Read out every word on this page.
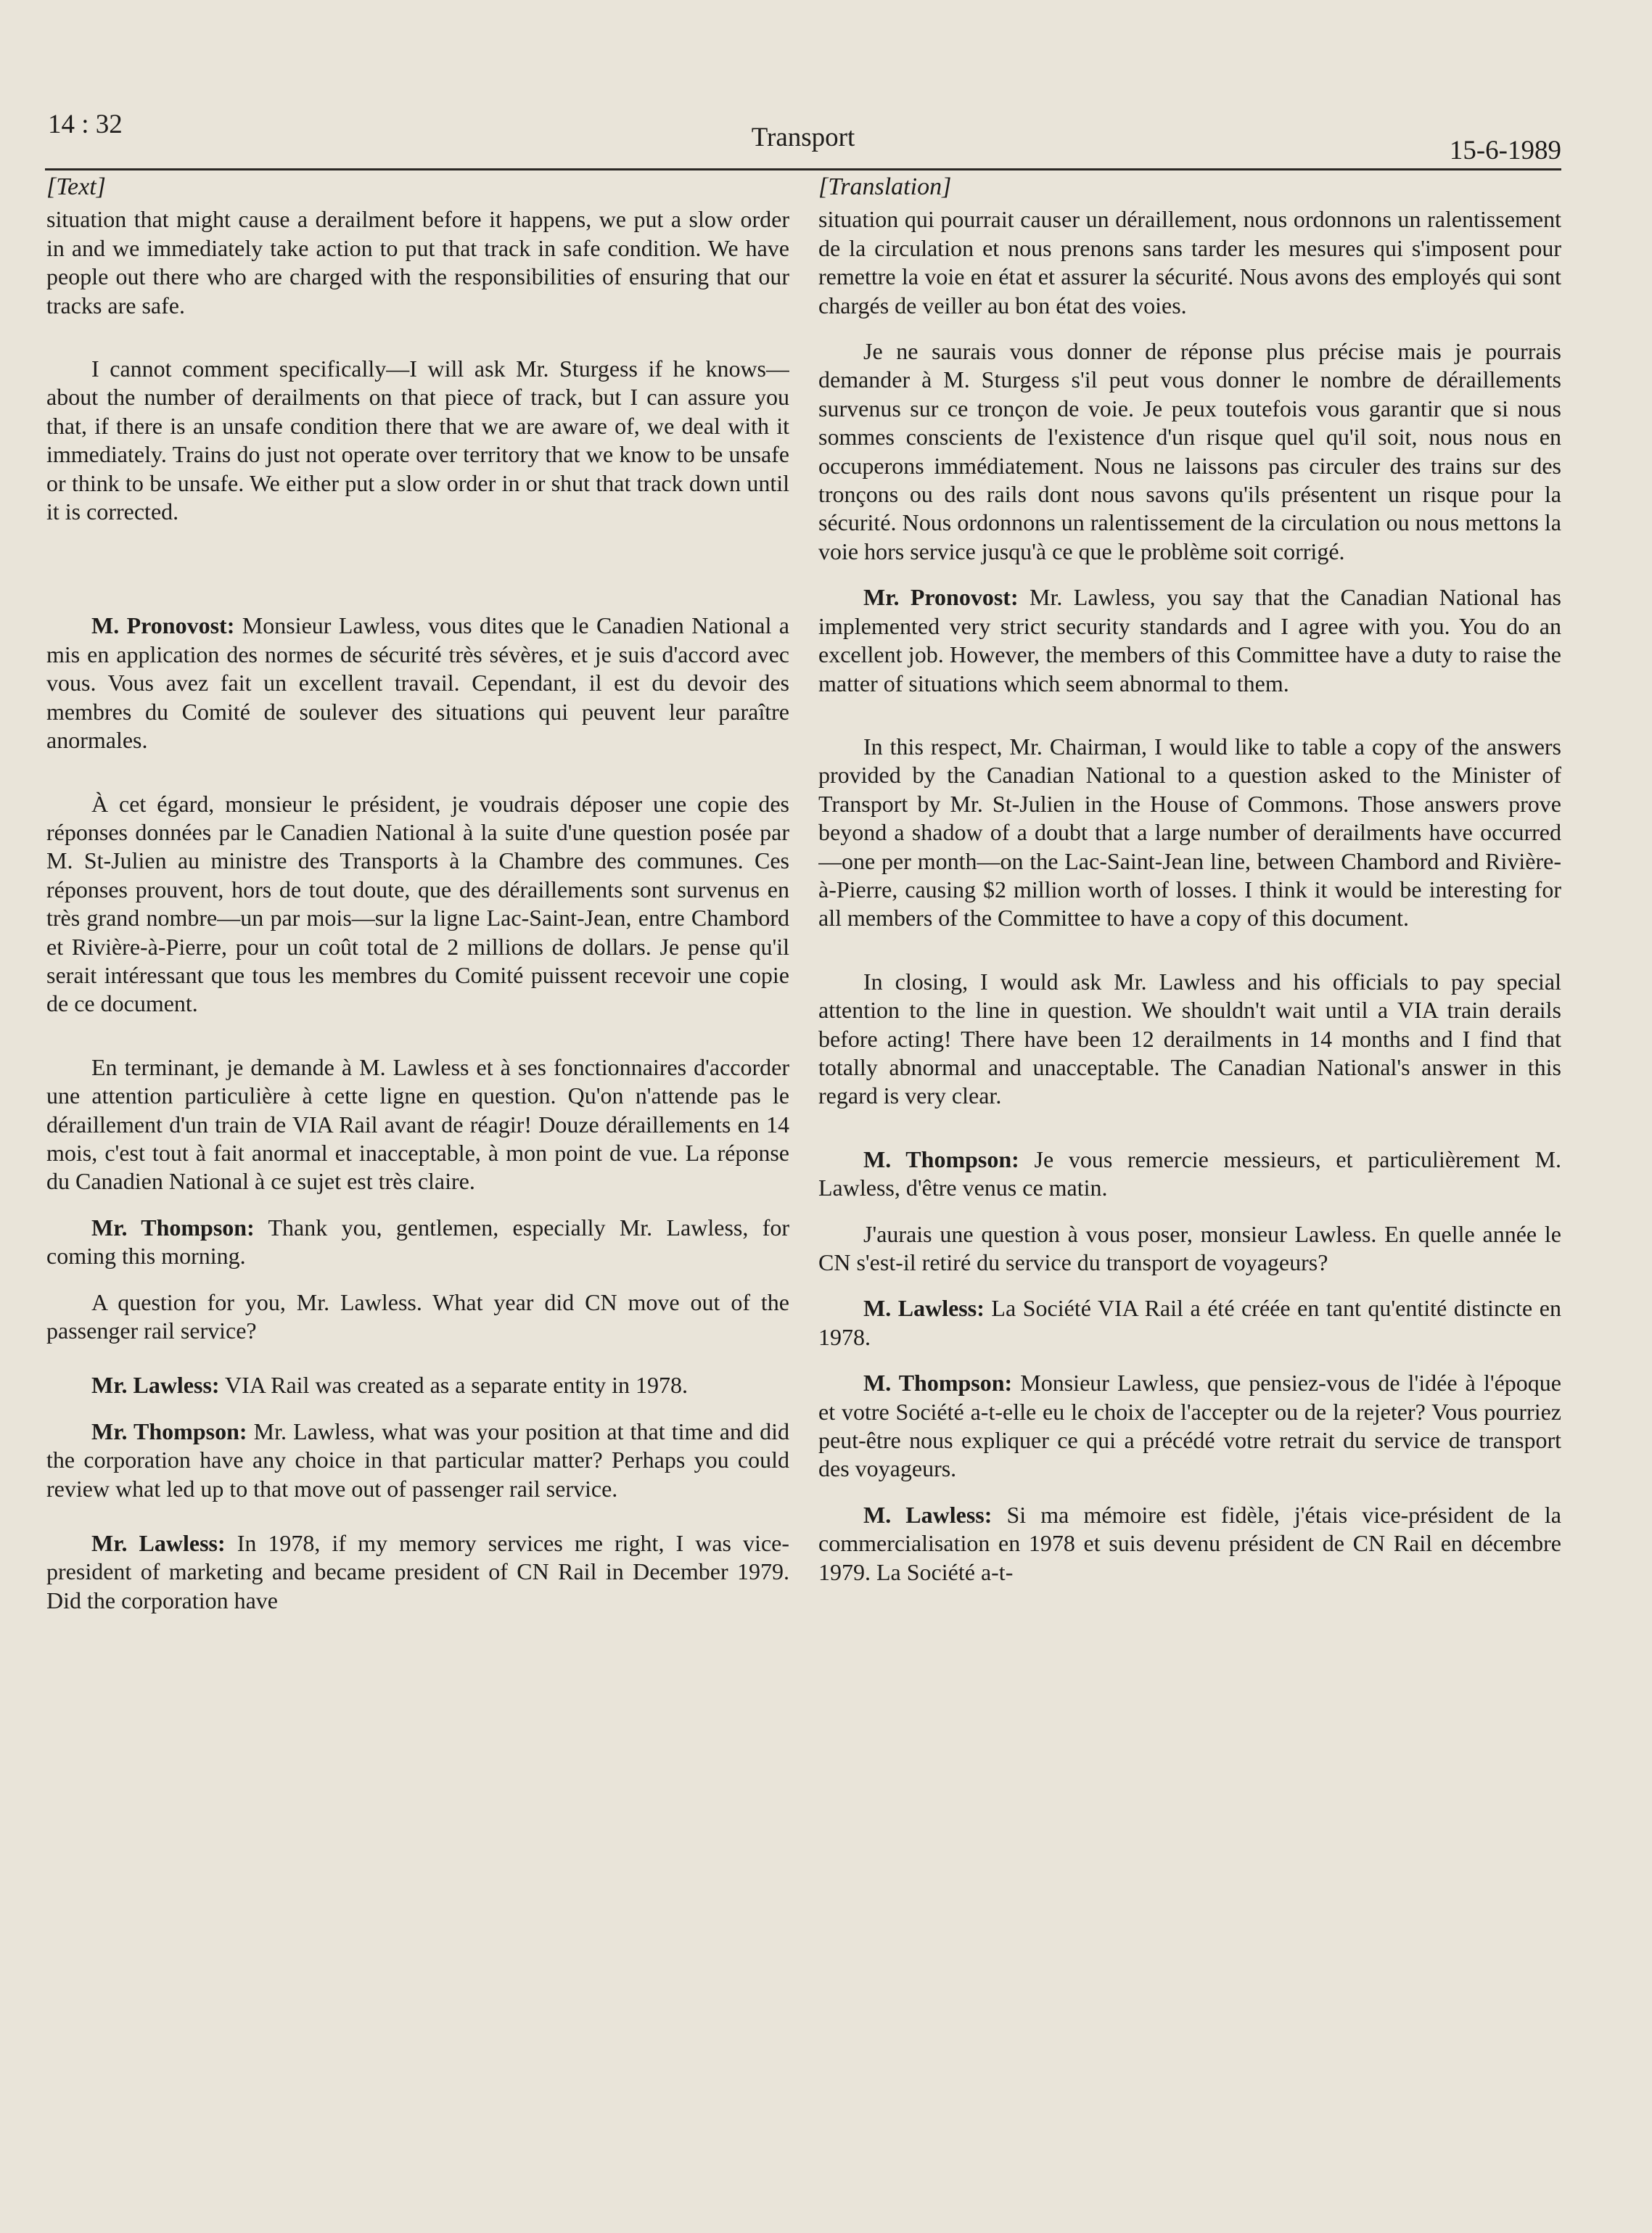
14 : 32	Transport	15-6-1989
[Text]

situation that might cause a derailment before it happens, we put a slow order in and we immediately take action to put that track in safe condition. We have people out there who are charged with the responsibilities of ensuring that our tracks are safe.

I cannot comment specifically—I will ask Mr. Sturgess if he knows—about the number of derailments on that piece of track, but I can assure you that, if there is an unsafe condition there that we are aware of, we deal with it immediately. Trains do just not operate over territory that we know to be unsafe or think to be unsafe. We either put a slow order in or shut that track down until it is corrected.

M. Pronovost: Monsieur Lawless, vous dites que le Canadien National a mis en application des normes de sécurité très sévères, et je suis d'accord avec vous. Vous avez fait un excellent travail. Cependant, il est du devoir des membres du Comité de soulever des situations qui peuvent leur paraître anormales.

À cet égard, monsieur le président, je voudrais déposer une copie des réponses données par le Canadien National à la suite d'une question posée par M. St-Julien au ministre des Transports à la Chambre des communes. Ces réponses prouvent, hors de tout doute, que des déraillements sont survenus en très grand nombre—un par mois—sur la ligne Lac-Saint-Jean, entre Chambord et Rivière-à-Pierre, pour un coût total de 2 millions de dollars. Je pense qu'il serait intéressant que tous les membres du Comité puissent recevoir une copie de ce document.

En terminant, je demande à M. Lawless et à ses fonctionnaires d'accorder une attention particulière à cette ligne en question. Qu'on n'attende pas le déraillement d'un train de VIA Rail avant de réagir! Douze déraillements en 14 mois, c'est tout à fait anormal et inacceptable, à mon point de vue. La réponse du Canadien National à ce sujet est très claire.

Mr. Thompson: Thank you, gentlemen, especially Mr. Lawless, for coming this morning.

A question for you, Mr. Lawless. What year did CN move out of the passenger rail service?

Mr. Lawless: VIA Rail was created as a separate entity in 1978.

Mr. Thompson: Mr. Lawless, what was your position at that time and did the corporation have any choice in that particular matter? Perhaps you could review what led up to that move out of passenger rail service.

Mr. Lawless: In 1978, if my memory services me right, I was vice-president of marketing and became president of CN Rail in December 1979. Did the corporation have

[Translation]

situation qui pourrait causer un déraillement, nous ordonnons un ralentissement de la circulation et nous prenons sans tarder les mesures qui s'imposent pour remettre la voie en état et assurer la sécurité. Nous avons des employés qui sont chargés de veiller au bon état des voies.

Je ne saurais vous donner de réponse plus précise mais je pourrais demander à M. Sturgess s'il peut vous donner le nombre de déraillements survenus sur ce tronçon de voie. Je peux toutefois vous garantir que si nous sommes conscients de l'existence d'un risque quel qu'il soit, nous nous en occuperons immédiatement. Nous ne laissons pas circuler des trains sur des tronçons ou des rails dont nous savons qu'ils présentent un risque pour la sécurité. Nous ordonnons un ralentissement de la circulation ou nous mettons la voie hors service jusqu'à ce que le problème soit corrigé.

Mr. Pronovost: Mr. Lawless, you say that the Canadian National has implemented very strict security standards and I agree with you. You do an excellent job. However, the members of this Committee have a duty to raise the matter of situations which seem abnormal to them.

In this respect, Mr. Chairman, I would like to table a copy of the answers provided by the Canadian National to a question asked to the Minister of Transport by Mr. St-Julien in the House of Commons. Those answers prove beyond a shadow of a doubt that a large number of derailments have occurred—one per month—on the Lac-Saint-Jean line, between Chambord and Rivière-à-Pierre, causing $2 million worth of losses. I think it would be interesting for all members of the Committee to have a copy of this document.

In closing, I would ask Mr. Lawless and his officials to pay special attention to the line in question. We shouldn't wait until a VIA train derails before acting! There have been 12 derailments in 14 months and I find that totally abnormal and unacceptable. The Canadian National's answer in this regard is very clear.

M. Thompson: Je vous remercie messieurs, et particulièrement M. Lawless, d'être venus ce matin.

J'aurais une question à vous poser, monsieur Lawless. En quelle année le CN s'est-il retiré du service du transport de voyageurs?

M. Lawless: La Société VIA Rail a été créée en tant qu'entité distincte en 1978.

M. Thompson: Monsieur Lawless, que pensiez-vous de l'idée à l'époque et votre Société a-t-elle eu le choix de l'accepter ou de la rejeter? Vous pourriez peut-être nous expliquer ce qui a précédé votre retrait du service de transport des voyageurs.

M. Lawless: Si ma mémoire est fidèle, j'étais vice-président de la commercialisation en 1978 et suis devenu président de CN Rail en décembre 1979. La Société a-t-
